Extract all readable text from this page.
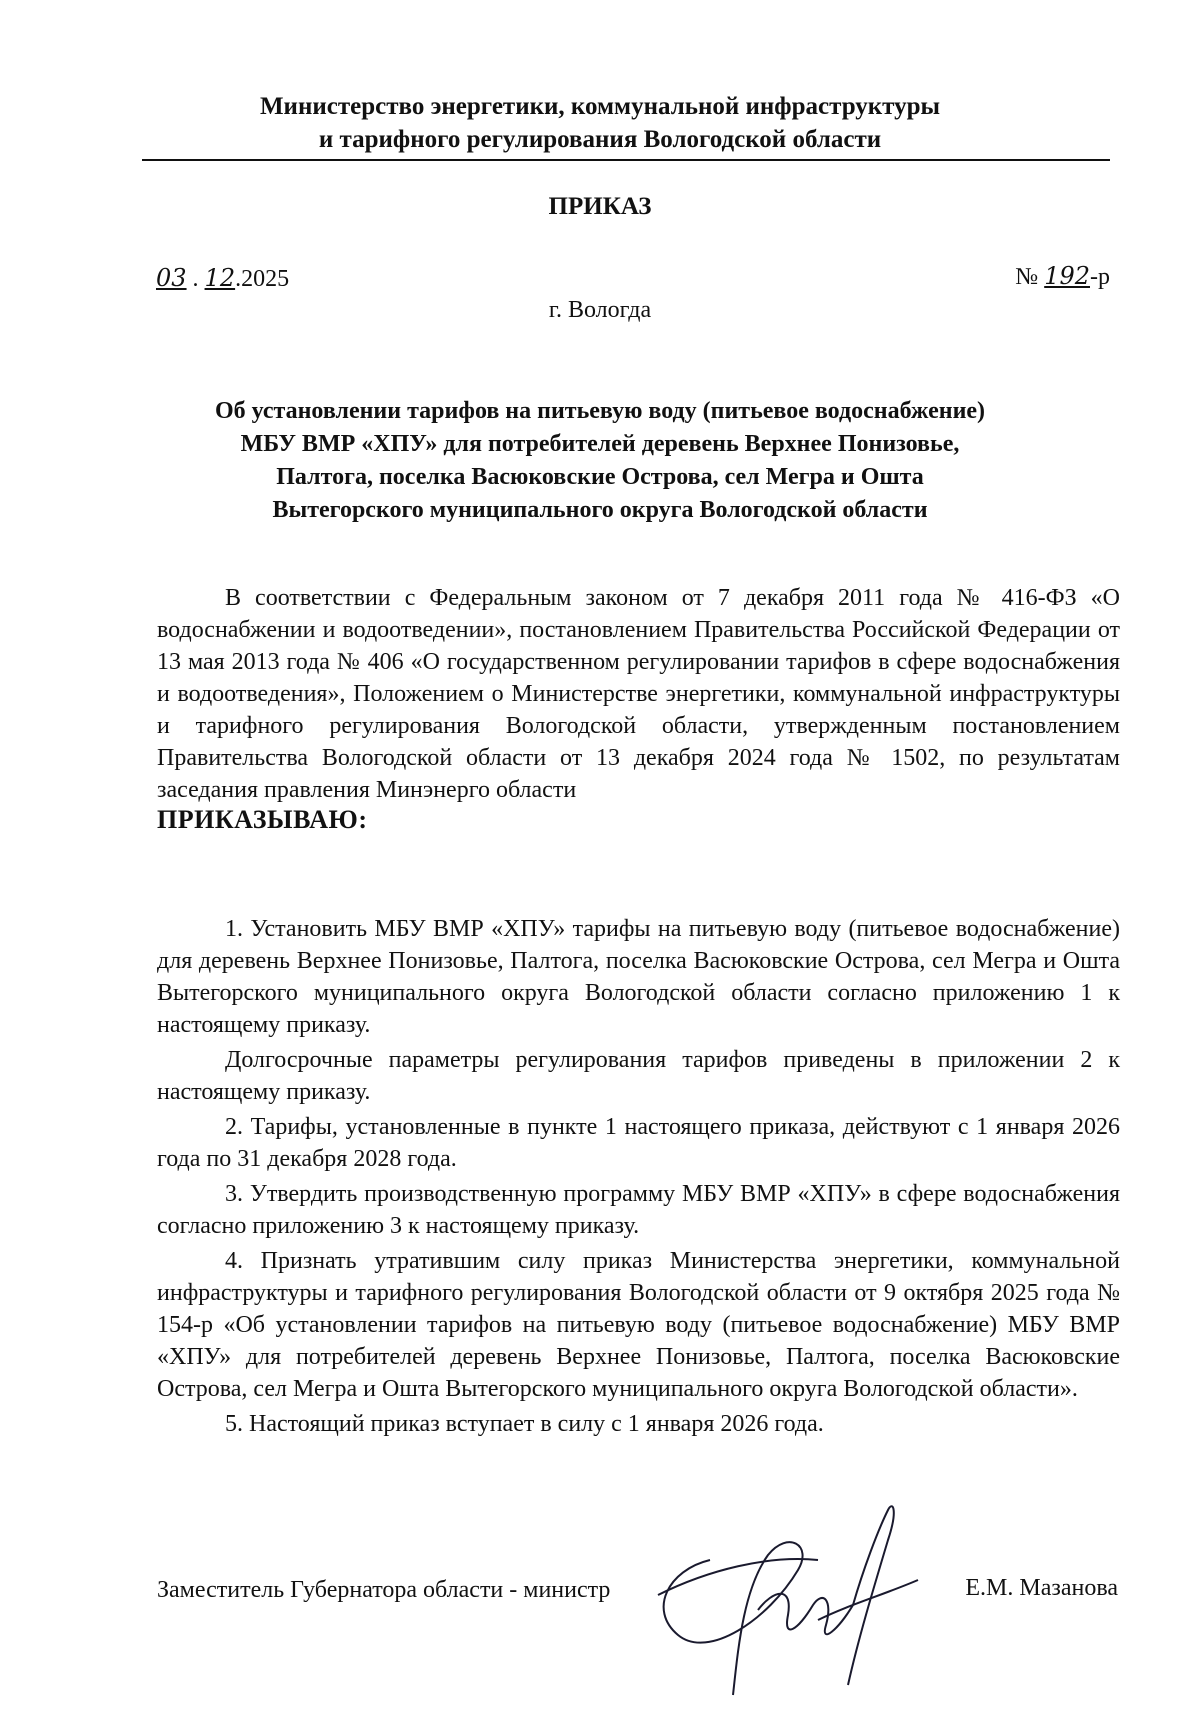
Министерство энергетики, коммунальной инфраструктуры
и тарифного регулирования Вологодской области
ПРИКАЗ
03 . 12.2025	№ 192-р
г. Вологда
Об установлении тарифов на питьевую воду (питьевое водоснабжение)
МБУ ВМР «ХПУ» для потребителей деревень Верхнее Понизовье,
Палтога, поселка Васюковские Острова, сел Мегра и Ошта
Вытегорского муниципального округа Вологодской области

В соответствии с Федеральным законом от 7 декабря 2011 года № 416-ФЗ «О водоснабжении и водоотведении», постановлением Правительства Российской Федерации от 13 мая 2013 года № 406 «О государственном регулировании тарифов в сфере водоснабжения и водоотведения», Положением о Министерстве энергетики, коммунальной инфраструктуры и тарифного регулирования Вологодской области, утвержденным постановлением Правительства Вологодской области от 13 декабря 2024 года № 1502, по результатам заседания правления Минэнерго области

ПРИКАЗЫВАЮ:

1. Установить МБУ ВМР «ХПУ» тарифы на питьевую воду (питьевое водоснабжение) для деревень Верхнее Понизовье, Палтога, поселка Васюковские Острова, сел Мегра и Ошта Вытегорского муниципального округа Вологодской области согласно приложению 1 к настоящему приказу.

Долгосрочные параметры регулирования тарифов приведены в приложении 2 к настоящему приказу.

2. Тарифы, установленные в пункте 1 настоящего приказа, действуют с 1 января 2026 года по 31 декабря 2028 года.

3. Утвердить производственную программу МБУ ВМР «ХПУ» в сфере водоснабжения согласно приложению 3 к настоящему приказу.

4. Признать утратившим силу приказ Министерства энергетики, коммунальной инфраструктуры и тарифного регулирования Вологодской области от 9 октября 2025 года № 154-р «Об установлении тарифов на питьевую воду (питьевое водоснабжение) МБУ ВМР «ХПУ» для потребителей деревень Верхнее Понизовье, Палтога, поселка Васюковские Острова, сел Мегра и Ошта Вытегорского муниципального округа Вологодской области».

5. Настоящий приказ вступает в силу с 1 января 2026 года.

Заместитель Губернатора области - министр	Е.М. Мазанова
